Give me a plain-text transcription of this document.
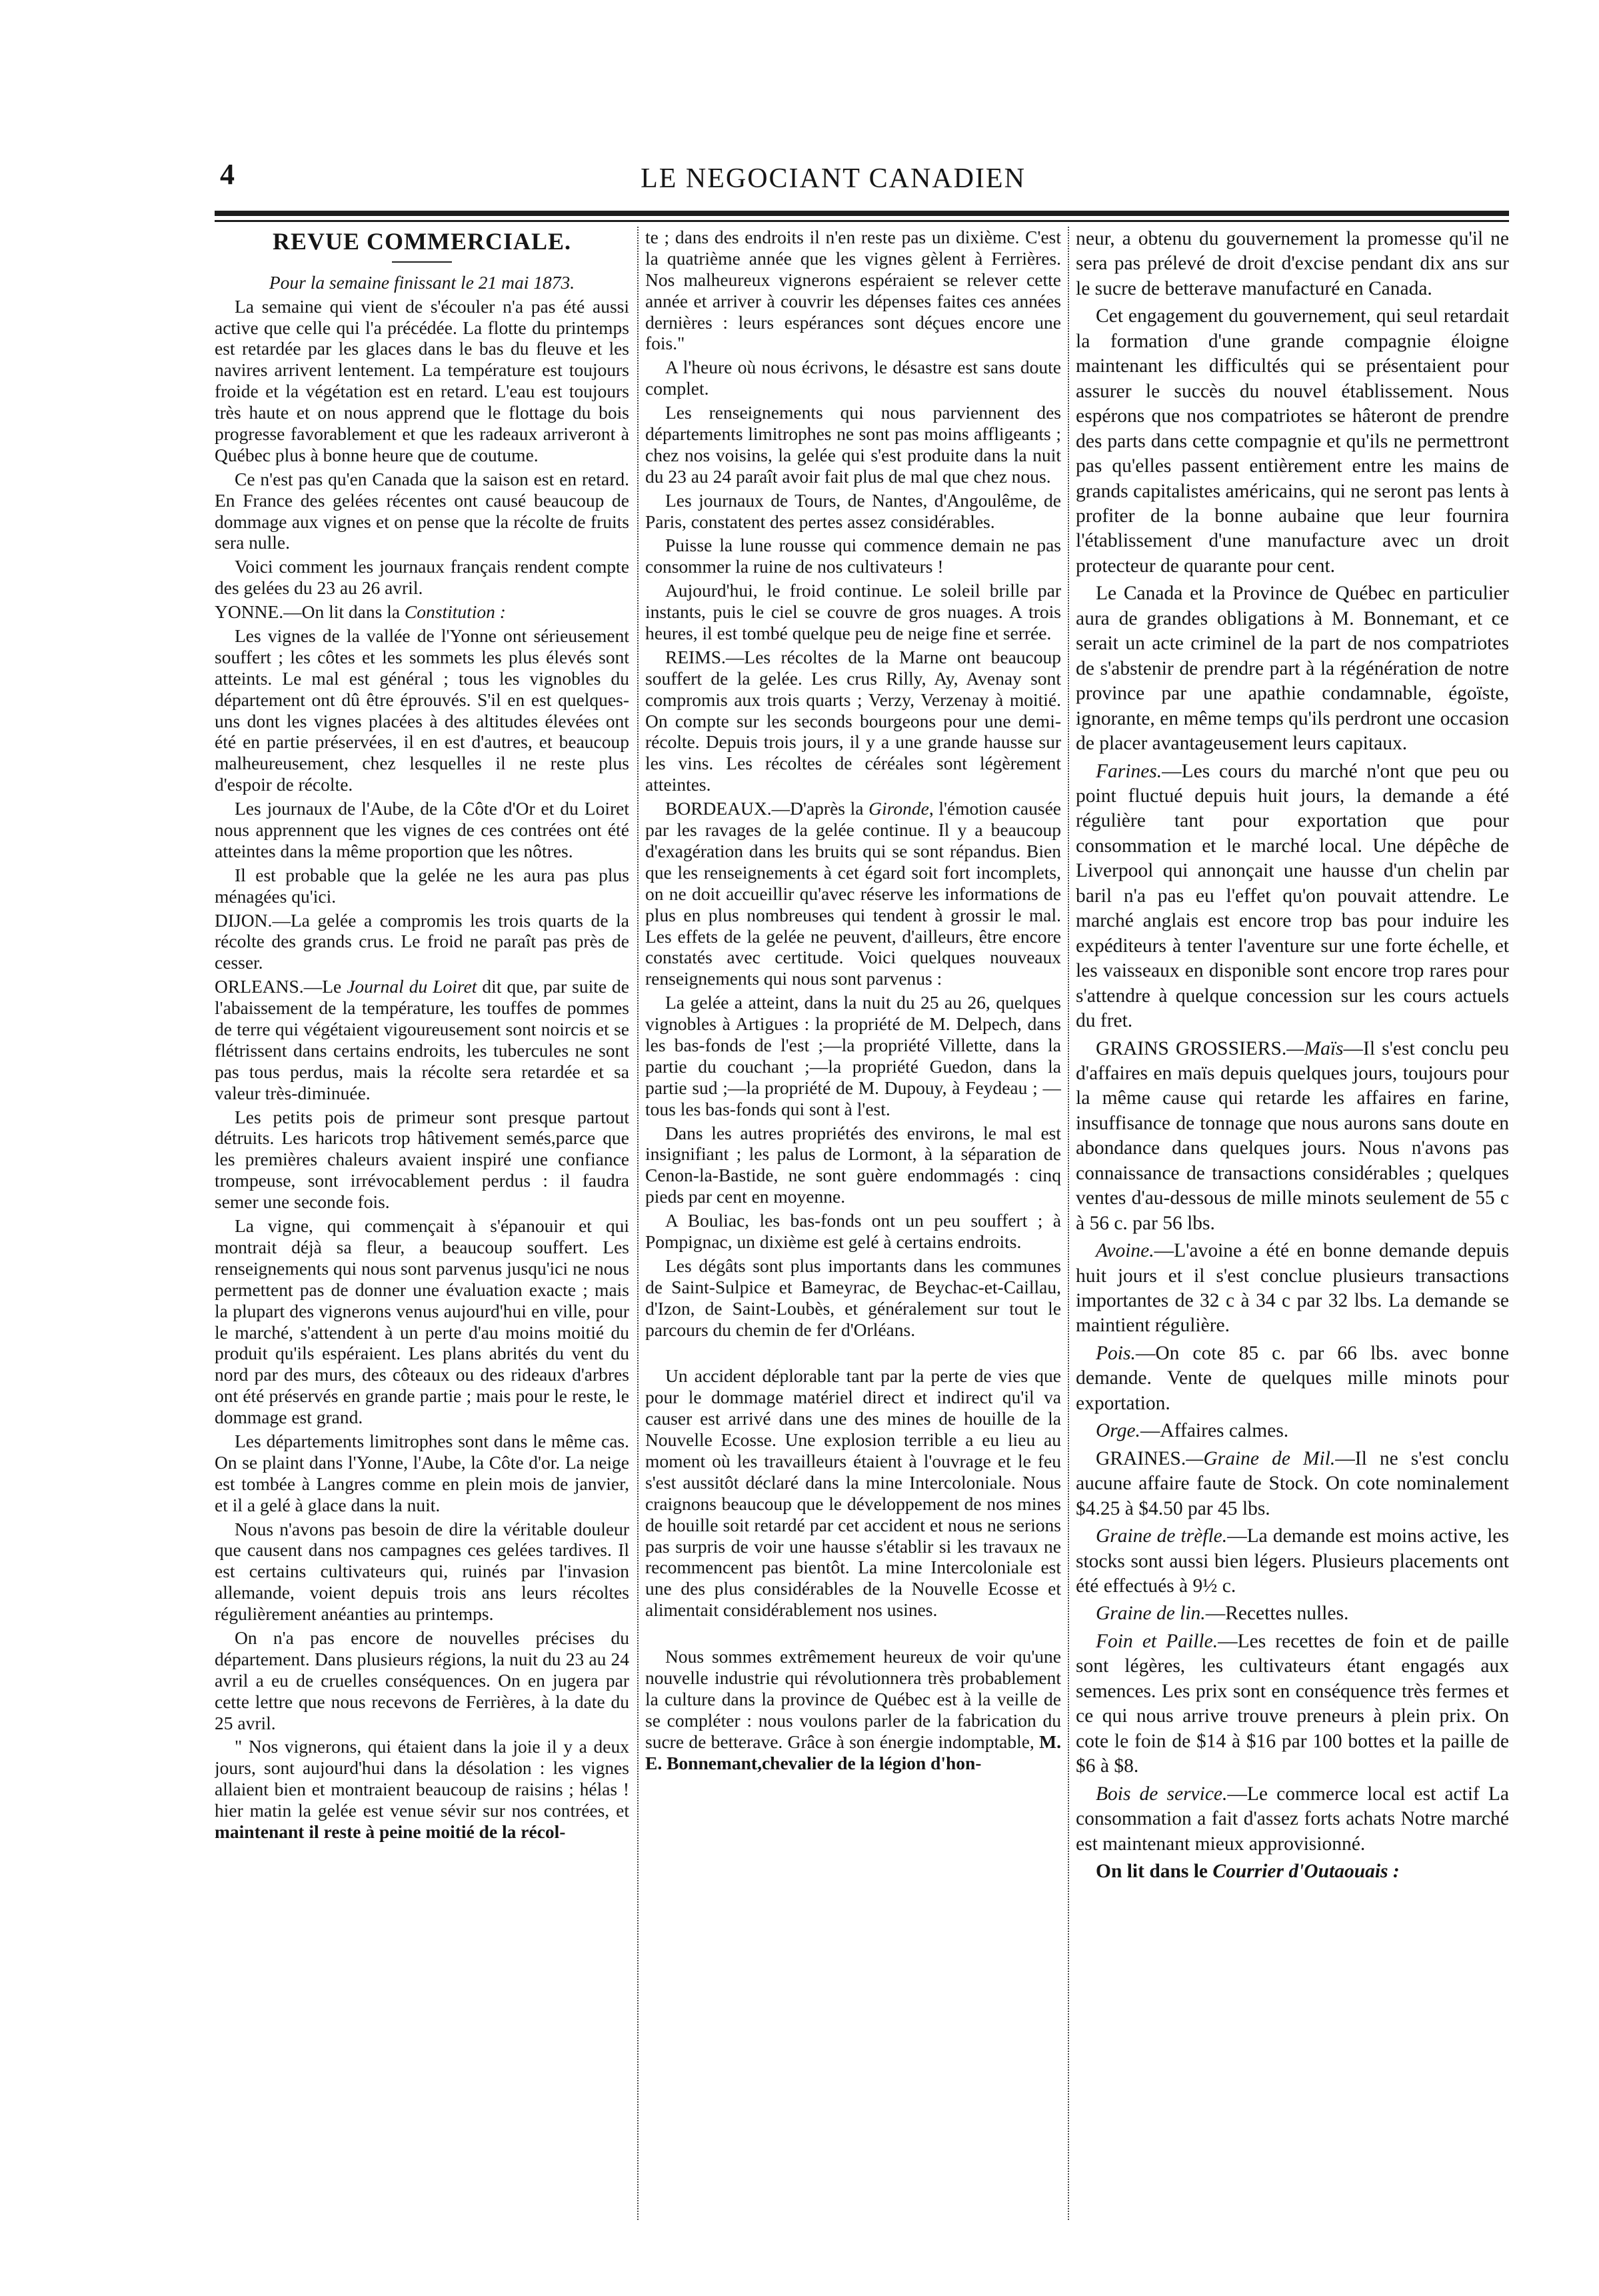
4	LE NEGOCIANT CANADIEN
REVUE COMMERCIALE.

Pour la semaine finissant le 21 mai 1873.

La semaine qui vient de s'écouler n'a pas été aussi active que celle qui l'a précédée. La flotte du printemps est retardée par les glaces dans le bas du fleuve et les navires arrivent lentement. La température est toujours froide et la végétation est en retard. L'eau est toujours très haute et on nous apprend que le flottage du bois progresse favorablement et que les radeaux arriveront à Québec plus à bonne heure que de coutume.

Ce n'est pas qu'en Canada que la saison est en retard. En France des gelées récentes ont causé beaucoup de dommage aux vignes et on pense que la récolte de fruits sera nulle.

Voici comment les journaux français rendent compte des gelées du 23 au 26 avril.

YONNE.—On lit dans la Constitution :

Les vignes de la vallée de l'Yonne ont sérieusement souffert ; les côtes et les sommets les plus élevés sont atteints. Le mal est général ; tous les vignobles du département ont dû être éprouvés. S'il en est quelques-uns dont les vignes placées à des altitudes élevées ont été en partie préservées, il en est d'autres, et beaucoup malheureusement, chez lesquelles il ne reste plus d'espoir de récolte.

Les journaux de l'Aube, de la Côte d'Or et du Loiret nous apprennent que les vignes de ces contrées ont été atteintes dans la même proportion que les nôtres.

Il est probable que la gelée ne les aura pas plus ménagées qu'ici.

DIJON.—La gelée a compromis les trois quarts de la récolte des grands crus. Le froid ne paraît pas près de cesser.

ORLEANS.—Le Journal du Loiret dit que, par suite de l'abaissement de la température, les touffes de pommes de terre qui végétaient vigoureusement sont noircis et se flétrissent dans certains endroits, les tubercules ne sont pas tous perdus, mais la récolte sera retardée et sa valeur très-diminuée.

Les petits pois de primeur sont presque partout détruits. Les haricots trop hâtivement semés,parce que les premières chaleurs avaient inspiré une confiance trompeuse, sont irrévocablement perdus : il faudra semer une seconde fois.

La vigne, qui commençait à s'épanouir et qui montrait déjà sa fleur, a beaucoup souffert. Les renseignements qui nous sont parvenus jusqu'ici ne nous permettent pas de donner une évaluation exacte ; mais la plupart des vignerons venus aujourd'hui en ville, pour le marché, s'attendent à un perte d'au moins moitié du produit qu'ils espéraient. Les plans abrités du vent du nord par des murs, des côteaux ou des rideaux d'arbres ont été préservés en grande partie ; mais pour le reste, le dommage est grand.

Les départements limitrophes sont dans le même cas. On se plaint dans l'Yonne, l'Aube, la Côte d'or. La neige est tombée à Langres comme en plein mois de janvier, et il a gelé à glace dans la nuit.

Nous n'avons pas besoin de dire la véritable douleur que causent dans nos campagnes ces gelées tardives. Il est certains cultivateurs qui, ruinés par l'invasion allemande, voient depuis trois ans leurs récoltes régulièrement anéanties au printemps.

On n'a pas encore de nouvelles précises du département. Dans plusieurs régions, la nuit du 23 au 24 avril a eu de cruelles conséquences. On en jugera par cette lettre que nous recevons de Ferrières, à la date du 25 avril.

" Nos vignerons, qui étaient dans la joie il y a deux jours, sont aujourd'hui dans la désolation : les vignes allaient bien et montraient beaucoup de raisins ; hélas ! hier matin la gelée est venue sévir sur nos contrées, et maintenant il reste à peine moitié de la récol-

te ; dans des endroits il n'en reste pas un dixième. C'est la quatrième année que les vignes gèlent à Ferrières. Nos malheureux vignerons espéraient se relever cette année et arriver à couvrir les dépenses faites ces années dernières : leurs espérances sont déçues encore une fois."

A l'heure où nous écrivons, le désastre est sans doute complet.

Les renseignements qui nous parviennent des départements limitrophes ne sont pas moins affligeants ; chez nos voisins, la gelée qui s'est produite dans la nuit du 23 au 24 paraît avoir fait plus de mal que chez nous.

Les journaux de Tours, de Nantes, d'Angoulême, de Paris, constatent des pertes assez considérables.

Puisse la lune rousse qui commence demain ne pas consommer la ruine de nos cultivateurs !

Aujourd'hui, le froid continue. Le soleil brille par instants, puis le ciel se couvre de gros nuages. A trois heures, il est tombé quelque peu de neige fine et serrée.

REIMS.—Les récoltes de la Marne ont beaucoup souffert de la gelée. Les crus Rilly, Ay, Avenay sont compromis aux trois quarts ; Verzy, Verzenay à moitié. On compte sur les seconds bourgeons pour une demi-récolte. Depuis trois jours, il y a une grande hausse sur les vins. Les récoltes de céréales sont légèrement atteintes.

BORDEAUX.—D'après la Gironde, l'émotion causée par les ravages de la gelée continue. Il y a beaucoup d'exagération dans les bruits qui se sont répandus. Bien que les renseignements à cet égard soit fort incomplets, on ne doit accueillir qu'avec réserve les informations de plus en plus nombreuses qui tendent à grossir le mal. Les effets de la gelée ne peuvent, d'ailleurs, être encore constatés avec certitude. Voici quelques nouveaux renseignements qui nous sont parvenus :

La gelée a atteint, dans la nuit du 25 au 26, quelques vignobles à Artigues : la propriété de M. Delpech, dans les bas-fonds de l'est ;—la propriété Villette, dans la partie du couchant ;—la propriété Guedon, dans la partie sud ;—la propriété de M. Dupouy, à Feydeau ; —tous les bas-fonds qui sont à l'est.

Dans les autres propriétés des environs, le mal est insignifiant ; les palus de Lormont, à la séparation de Cenon-la-Bastide, ne sont guère endommagés : cinq pieds par cent en moyenne.

A Bouliac, les bas-fonds ont un peu souffert ; à Pompignac, un dixième est gelé à certains endroits.

Les dégâts sont plus importants dans les communes de Saint-Sulpice et Bameyrac, de Beychac-et-Caillau, d'Izon, de Saint-Loubès, et généralement sur tout le parcours du chemin de fer d'Orléans.

Un accident déplorable tant par la perte de vies que pour le dommage matériel direct et indirect qu'il va causer est arrivé dans une des mines de houille de la Nouvelle Ecosse. Une explosion terrible a eu lieu au moment où les travailleurs étaient à l'ouvrage et le feu s'est aussitôt déclaré dans la mine Intercoloniale. Nous craignons beaucoup que le développement de nos mines de houille soit retardé par cet accident et nous ne serions pas surpris de voir une hausse s'établir si les travaux ne recommencent pas bientôt. La mine Intercoloniale est une des plus considérables de la Nouvelle Ecosse et alimentait considérablement nos usines.

Nous sommes extrêmement heureux de voir qu'une nouvelle industrie qui révolutionnera très probablement la culture dans la province de Québec est à la veille de se compléter : nous voulons parler de la fabrication du sucre de betterave. Grâce à son énergie indomptable, M. E. Bonnemant,chevalier de la légion d'hon-

neur, a obtenu du gouvernement la promesse qu'il ne sera pas prélevé de droit d'excise pendant dix ans sur le sucre de betterave manufacturé en Canada.

Cet engagement du gouvernement, qui seul retardait la formation d'une grande compagnie éloigne maintenant les difficultés qui se présentaient pour assurer le succès du nouvel établissement. Nous espérons que nos compatriotes se hâteront de prendre des parts dans cette compagnie et qu'ils ne permettront pas qu'elles passent entièrement entre les mains de grands capitalistes américains, qui ne seront pas lents à profiter de la bonne aubaine que leur fournira l'établissement d'une manufacture avec un droit protecteur de quarante pour cent.

Le Canada et la Province de Québec en particulier aura de grandes obligations à M. Bonnemant, et ce serait un acte criminel de la part de nos compatriotes de s'abstenir de prendre part à la régénération de notre province par une apathie condamnable, égoïste, ignorante, en même temps qu'ils perdront une occasion de placer avantageusement leurs capitaux.

Farines.—Les cours du marché n'ont que peu ou point fluctué depuis huit jours, la demande a été régulière tant pour exportation que pour consommation et le marché local. Une dépêche de Liverpool qui annonçait une hausse d'un chelin par baril n'a pas eu l'effet qu'on pouvait attendre. Le marché anglais est encore trop bas pour induire les expéditeurs à tenter l'aventure sur une forte échelle, et les vaisseaux en disponible sont encore trop rares pour s'attendre à quelque concession sur les cours actuels du fret.

GRAINS GROSSIERS.—Maïs—Il s'est conclu peu d'affaires en maïs depuis quelques jours, toujours pour la même cause qui retarde les affaires en farine, insuffisance de tonnage que nous aurons sans doute en abondance dans quelques jours. Nous n'avons pas connaissance de transactions considérables ; quelques ventes d'au-dessous de mille minots seulement de 55 c à 56 c. par 56 lbs.

Avoine.—L'avoine a été en bonne demande depuis huit jours et il s'est conclue plusieurs transactions importantes de 32 c à 34 c par 32 lbs. La demande se maintient régulière.

Pois.—On cote 85 c. par 66 lbs. avec bonne demande. Vente de quelques mille minots pour exportation.

Orge.—Affaires calmes.

GRAINES.—Graine de Mil.—Il ne s'est conclu aucune affaire faute de Stock. On cote nominalement $4.25 à $4.50 par 45 lbs.

Graine de trèfle.—La demande est moins active, les stocks sont aussi bien légers. Plusieurs placements ont été effectués à 9½ c.

Graine de lin.—Recettes nulles.

Foin et Paille.—Les recettes de foin et de paille sont légères, les cultivateurs étant engagés aux semences. Les prix sont en conséquence très fermes et ce qui nous arrive trouve preneurs à plein prix. On cote le foin de $14 à $16 par 100 bottes et la paille de $6 à $8.

Bois de service.—Le commerce local est actif La consommation a fait d'assez forts achats Notre marché est maintenant mieux approvisionné.

On lit dans le Courrier d'Outaouais :
